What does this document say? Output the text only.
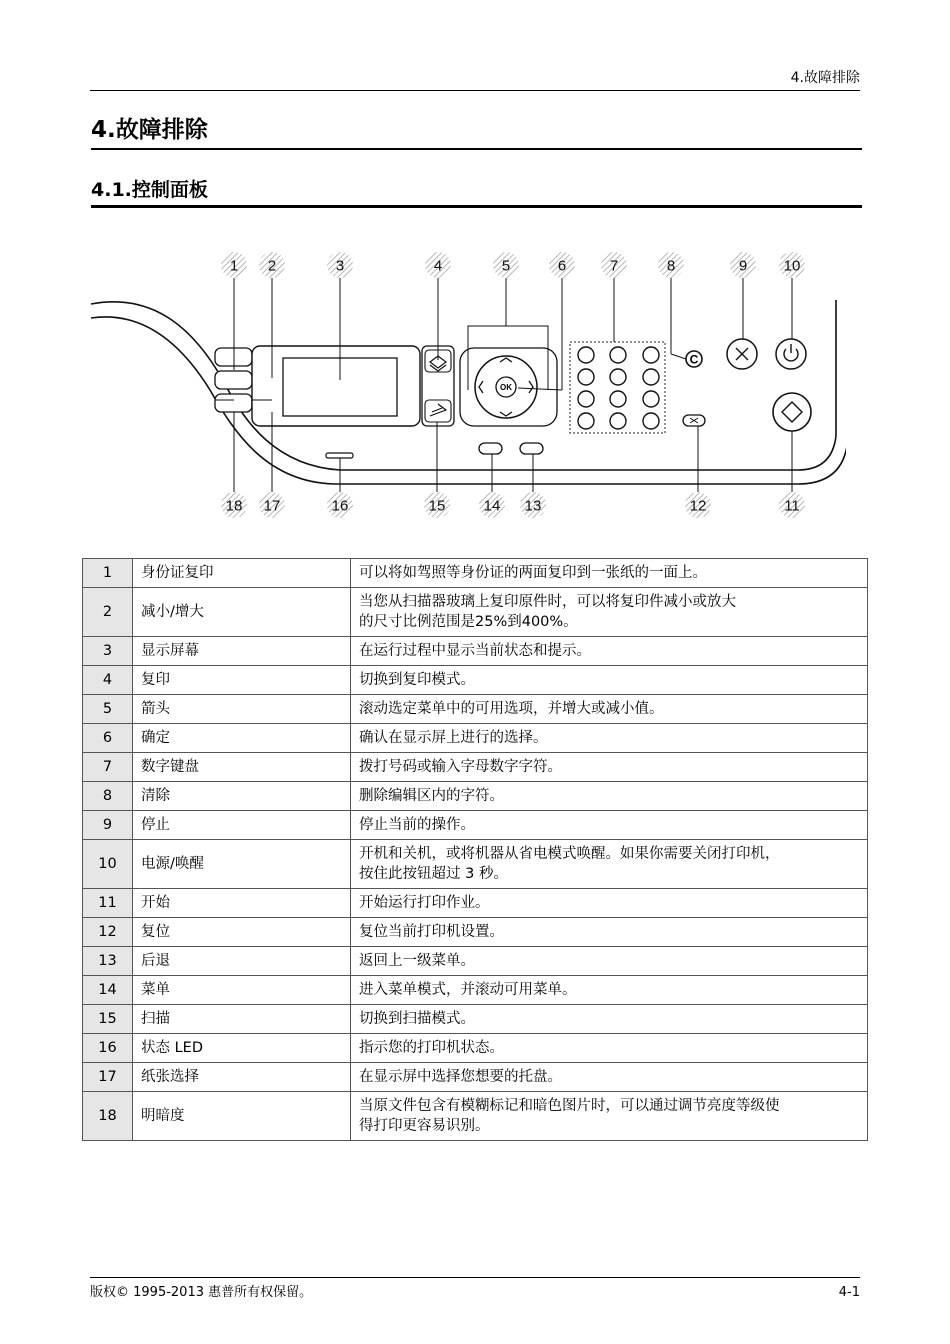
4.故障排除
4.故障排除
4.1.控制面板
OK
C
1 2	3	4	5	6	7	8	9 10
11
12
13
14
15
16
17
18
1	身份证复印	可以将如驾照等身份证的两面复印到一张纸的一面上。

2	减小/增大	当您从扫描器玻璃上复印原件时，可以将复印件减小或放大
的尺寸比例范围是25%到400%。

3	显示屏幕	在运行过程中显示当前状态和提示。

4	复印	切换到复印模式。

5	箭头	滚动选定菜单中的可用选项，并增大或减小值。

6	确定	确认在显示屏上进行的选择。

7	数字键盘	拨打号码或输入字母数字字符。

8	清除	删除编辑区内的字符。

9	停止	停止当前的操作。

10	电源/唤醒	开机和关机，或将机器从省电模式唤醒。如果你需要关闭打印机，
按住此按钮超过 3 秒。

11	开始	开始运行打印作业。

12	复位	复位当前打印机设置。

13	后退	返回上一级菜单。

14	菜单	进入菜单模式，并滚动可用菜单。

15	扫描	切换到扫描模式。

16	状态 LED	指示您的打印机状态。

17	纸张选择	在显示屏中选择您想要的托盘。

18	明暗度	当原文件包含有模糊标记和暗色图片时，可以通过调节亮度等级使
得打印更容易识别。
版权© 1995-2013 惠普所有权保留。	4-1
